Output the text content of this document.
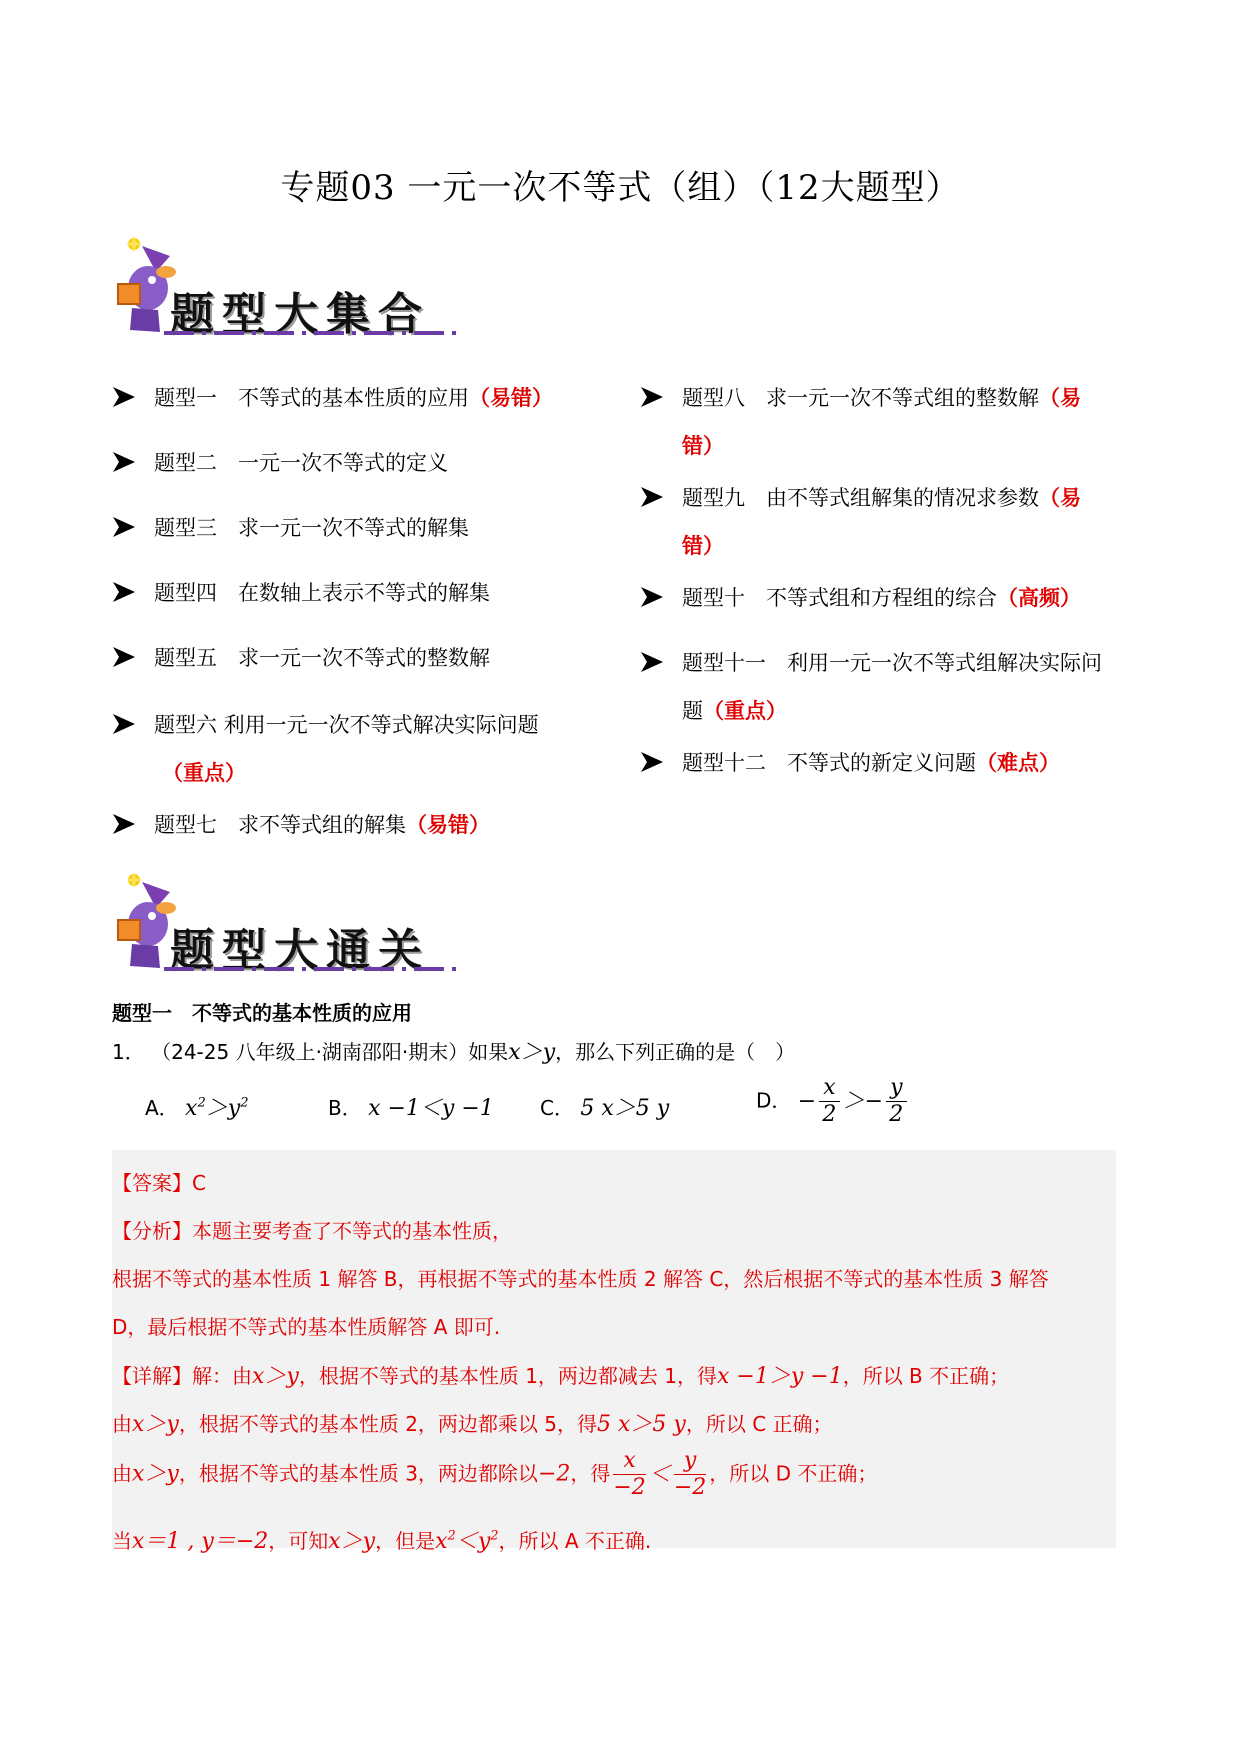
专题03 一元一次不等式（组）（12大题型）
题型大集合
题型一　不等式的基本性质的应用（易错）
题型二　一元一次不等式的定义
题型三　求一元一次不等式的解集
题型四　在数轴上表示不等式的解集
题型五　求一元一次不等式的整数解
题型六 利用一元一次不等式解决实际问题
（重点）
题型七　求不等式组的解集（易错）
题型八　求一元一次不等式组的整数解（易
错）
题型九　由不等式组解集的情况求参数（易
错）
题型十　不等式组和方程组的综合（高频）
题型十一　利用一元一次不等式组解决实际问
题（重点）
题型十二　不等式的新定义问题（难点）
题型大通关
题型一　不等式的基本性质的应用
1． （24-25 八年级上·湖南邵阳·期末）如果x＞y，那么下列正确的是（　）
A． $x^2>y^2$	B． x −1＜y −1 C． 5 x＞5 y	D． − $\frac{x}{2} >- \frac{y}{2}$
【答案】C
【分析】本题主要考查了不等式的基本性质，
根据不等式的基本性质 1 解答 B，再根据不等式的基本性质 2 解答 C，然后根据不等式的基本性质 3 解答
D，最后根据不等式的基本性质解答 A 即可.
【详解】解：由x＞y，根据不等式的基本性质 1，两边都减去 1，得x −1＞y −1，所以 B 不正确；
由x＞y，根据不等式的基本性质 2，两边都乘以 5，得5 x＞5 y，所以 C 正确；
由x＞y，根据不等式的基本性质 3，两边都除以−2，得 $\frac{x}{-2} < \frac{y}{-2}$ ，所以 D 不正确；
当x＝1 , y＝−2，可知x＞y，但是$x^2<y^2$，所以 A 不正确.
